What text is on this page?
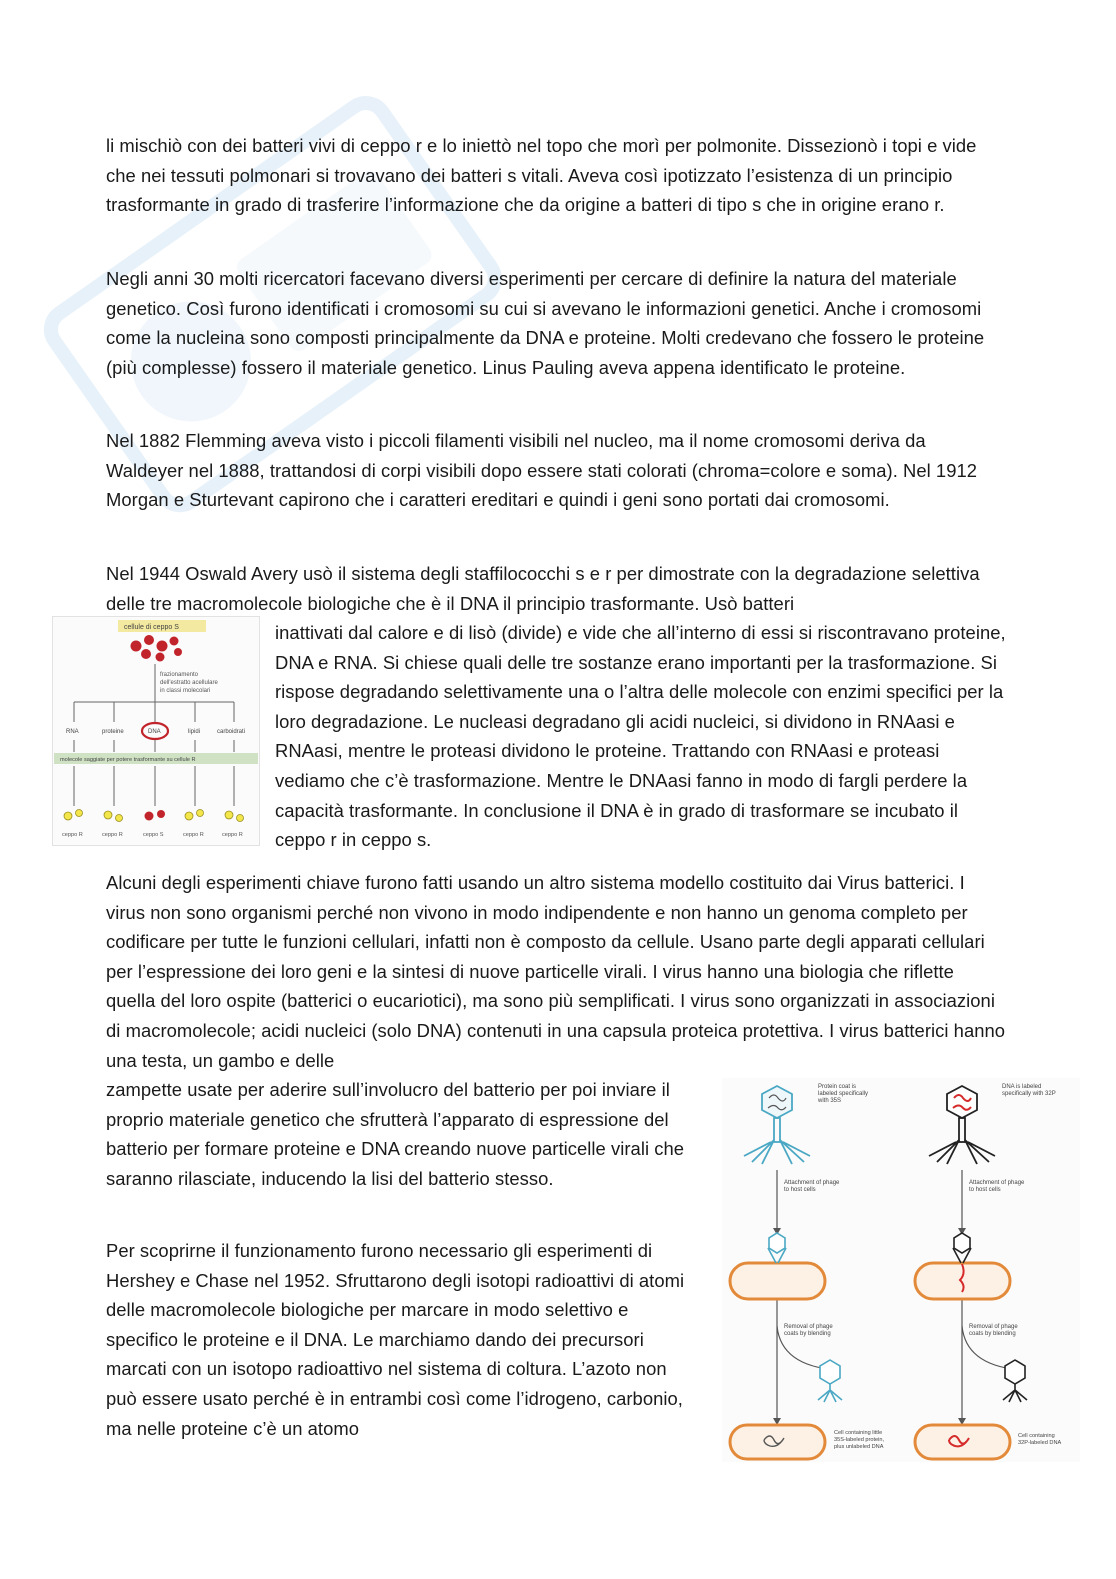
li mischiò con dei batteri vivi di ceppo r e lo iniettò nel topo che morì per polmonite. Dissezionò i topi e vide che nei tessuti polmonari si trovavano dei batteri s vitali. Aveva così ipotizzato l’esistenza di un principio trasformante in grado di trasferire l’informazione che da origine a batteri di tipo s che in origine erano r.

Negli anni 30 molti ricercatori facevano diversi esperimenti per cercare di definire la natura del materiale genetico. Così furono identificati i cromosomi su cui si avevano le informazioni genetici. Anche i cromosomi come la nucleina sono composti principalmente da DNA e proteine. Molti credevano che fossero le proteine (più complesse) fossero il materiale genetico. Linus Pauling aveva appena identificato le proteine.

Nel 1882 Flemming aveva visto i piccoli filamenti visibili nel nucleo, ma il nome cromosomi deriva da Waldeyer nel 1888, trattandosi di corpi visibili dopo essere stati colorati (chroma=colore e soma). Nel 1912 Morgan e Sturtevant capirono che i caratteri ereditari e quindi i geni sono portati dai cromosomi.

Nel 1944 Oswald Avery usò il sistema degli staffilococchi s e r per dimostrate con la degradazione selettiva delle tre macromolecole biologiche che è il DNA il principio trasformante. Usò batteri

inattivati dal calore e di lisò (divide) e vide che all’interno di essi si riscontravano proteine, DNA e RNA. Si chiese quali delle tre sostanze erano importanti per la trasformazione. Si rispose degradando selettivamente una o l’altra delle molecole con enzimi specifici per la loro degradazione. Le nucleasi degradano gli acidi nucleici, si dividono in RNAasi e RNAasi, mentre le proteasi dividono le proteine. Trattando con RNAasi e proteasi vediamo che c’è trasformazione. Mentre le DNAasi fanno in modo di fargli perdere la capacità trasformante. In conclusione il DNA è in grado di trasformare se incubato il ceppo r in ceppo s.

Alcuni degli esperimenti chiave furono fatti usando un altro sistema modello costituito dai Virus batterici. I virus non sono organismi perché non vivono in modo indipendente e non hanno un genoma completo per codificare per tutte le funzioni cellulari, infatti non è composto da cellule. Usano parte degli apparati cellulari per l’espressione dei loro geni e la sintesi di nuove particelle virali. I virus hanno una biologia che riflette quella del loro ospite (batterici o eucariotici), ma sono più semplificati. I virus sono organizzati in associazioni di macromolecole; acidi nucleici (solo DNA) contenuti in una capsula proteica protettiva. I virus batterici hanno una testa, un gambo e delle

zampette usate per aderire sull’involucro del batterio per poi inviare il proprio materiale genetico che sfrutterà l’apparato di espressione del batterio per formare proteine e DNA creando nuove particelle virali che saranno rilasciate, inducendo la lisi del batterio stesso.

Per scoprirne il funzionamento furono necessario gli esperimenti di Hershey e Chase nel 1952. Sfruttarono degli isotopi radioattivi di atomi delle macromolecole biologiche per marcare in modo selettivo e specifico le proteine e il DNA. Le marchiamo dando dei precursori marcati con un isotopo radioattivo nel sistema di coltura. L’azoto non può essere usato perché è in entrambi così come l’idrogeno, carbonio, ma nelle proteine c’è un atomo

cellule di ceppo S
frazionamento
dell'estratto acellulare
in classi molecolari
RNA	proteine	DNA	lipidi	carboidrati
molecole saggiate per potere trasformante su cellule R
ceppo R	ceppo R	ceppo S	ceppo R	ceppo R
Protein coat is
labeled specifically
with 35S
DNA is labeled
specifically with 32P
Attachment of phage
to host cells
Attachment of phage
to host cells
Removal of phage
coats by blending
Removal of phage
coats by blending
Cell containing little
35S-labeled protein,
plus unlabeled DNA
Cell containing
32P-labeled DNA
